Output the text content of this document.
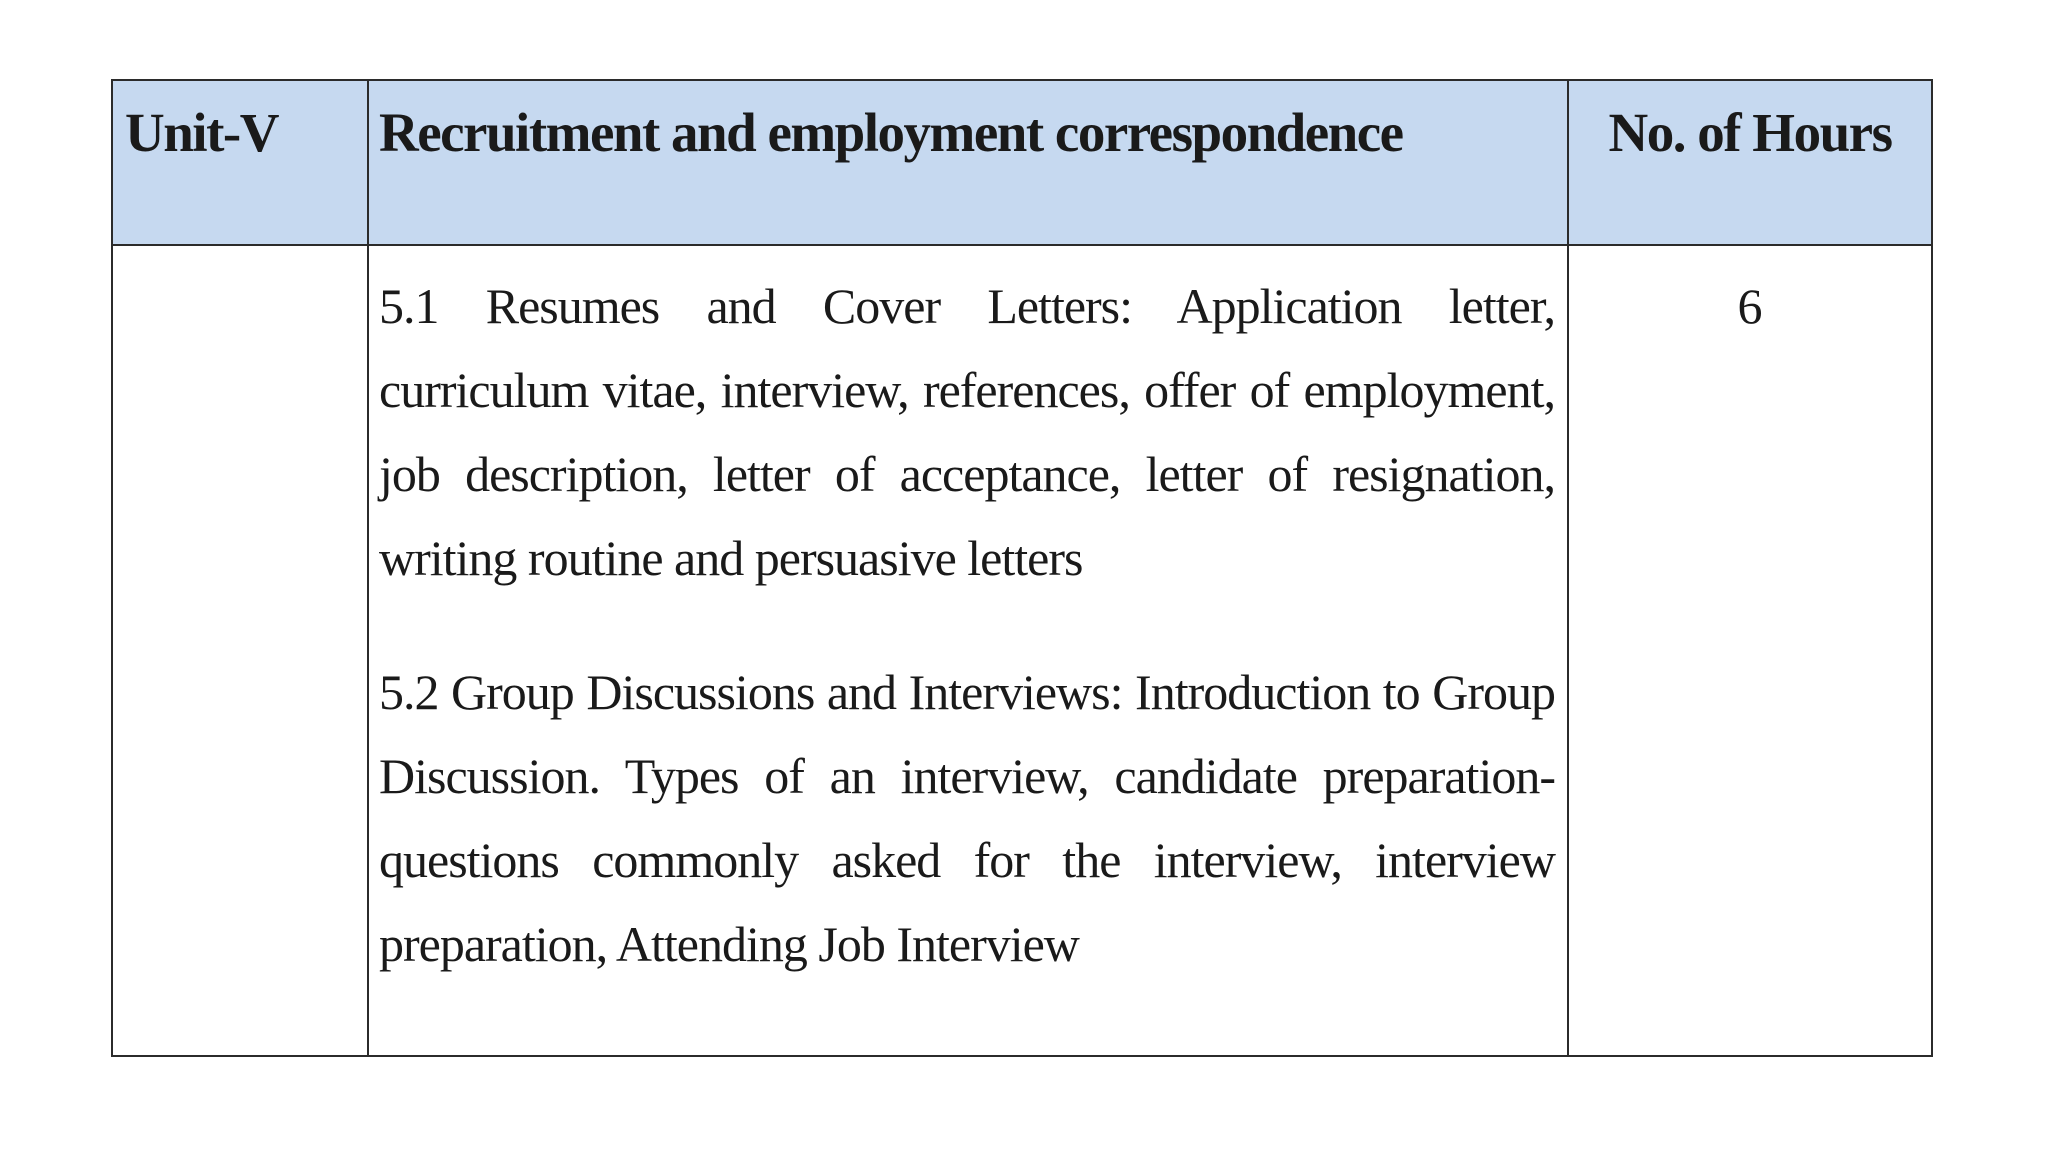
Unit-V	Recruitment and employment correspondence	No. of Hours

	5.1 Resumes and Cover Letters: Application letter, curriculum vitae, interview, references, offer of employment, job description, letter of acceptance, letter of resignation, writing routine and persuasive letters

5.2 Group Discussions and Interviews: Introduction to Group Discussion. Types of an interview, candidate preparation-questions commonly asked for the interview, interview preparation, Attending Job Interview	6
